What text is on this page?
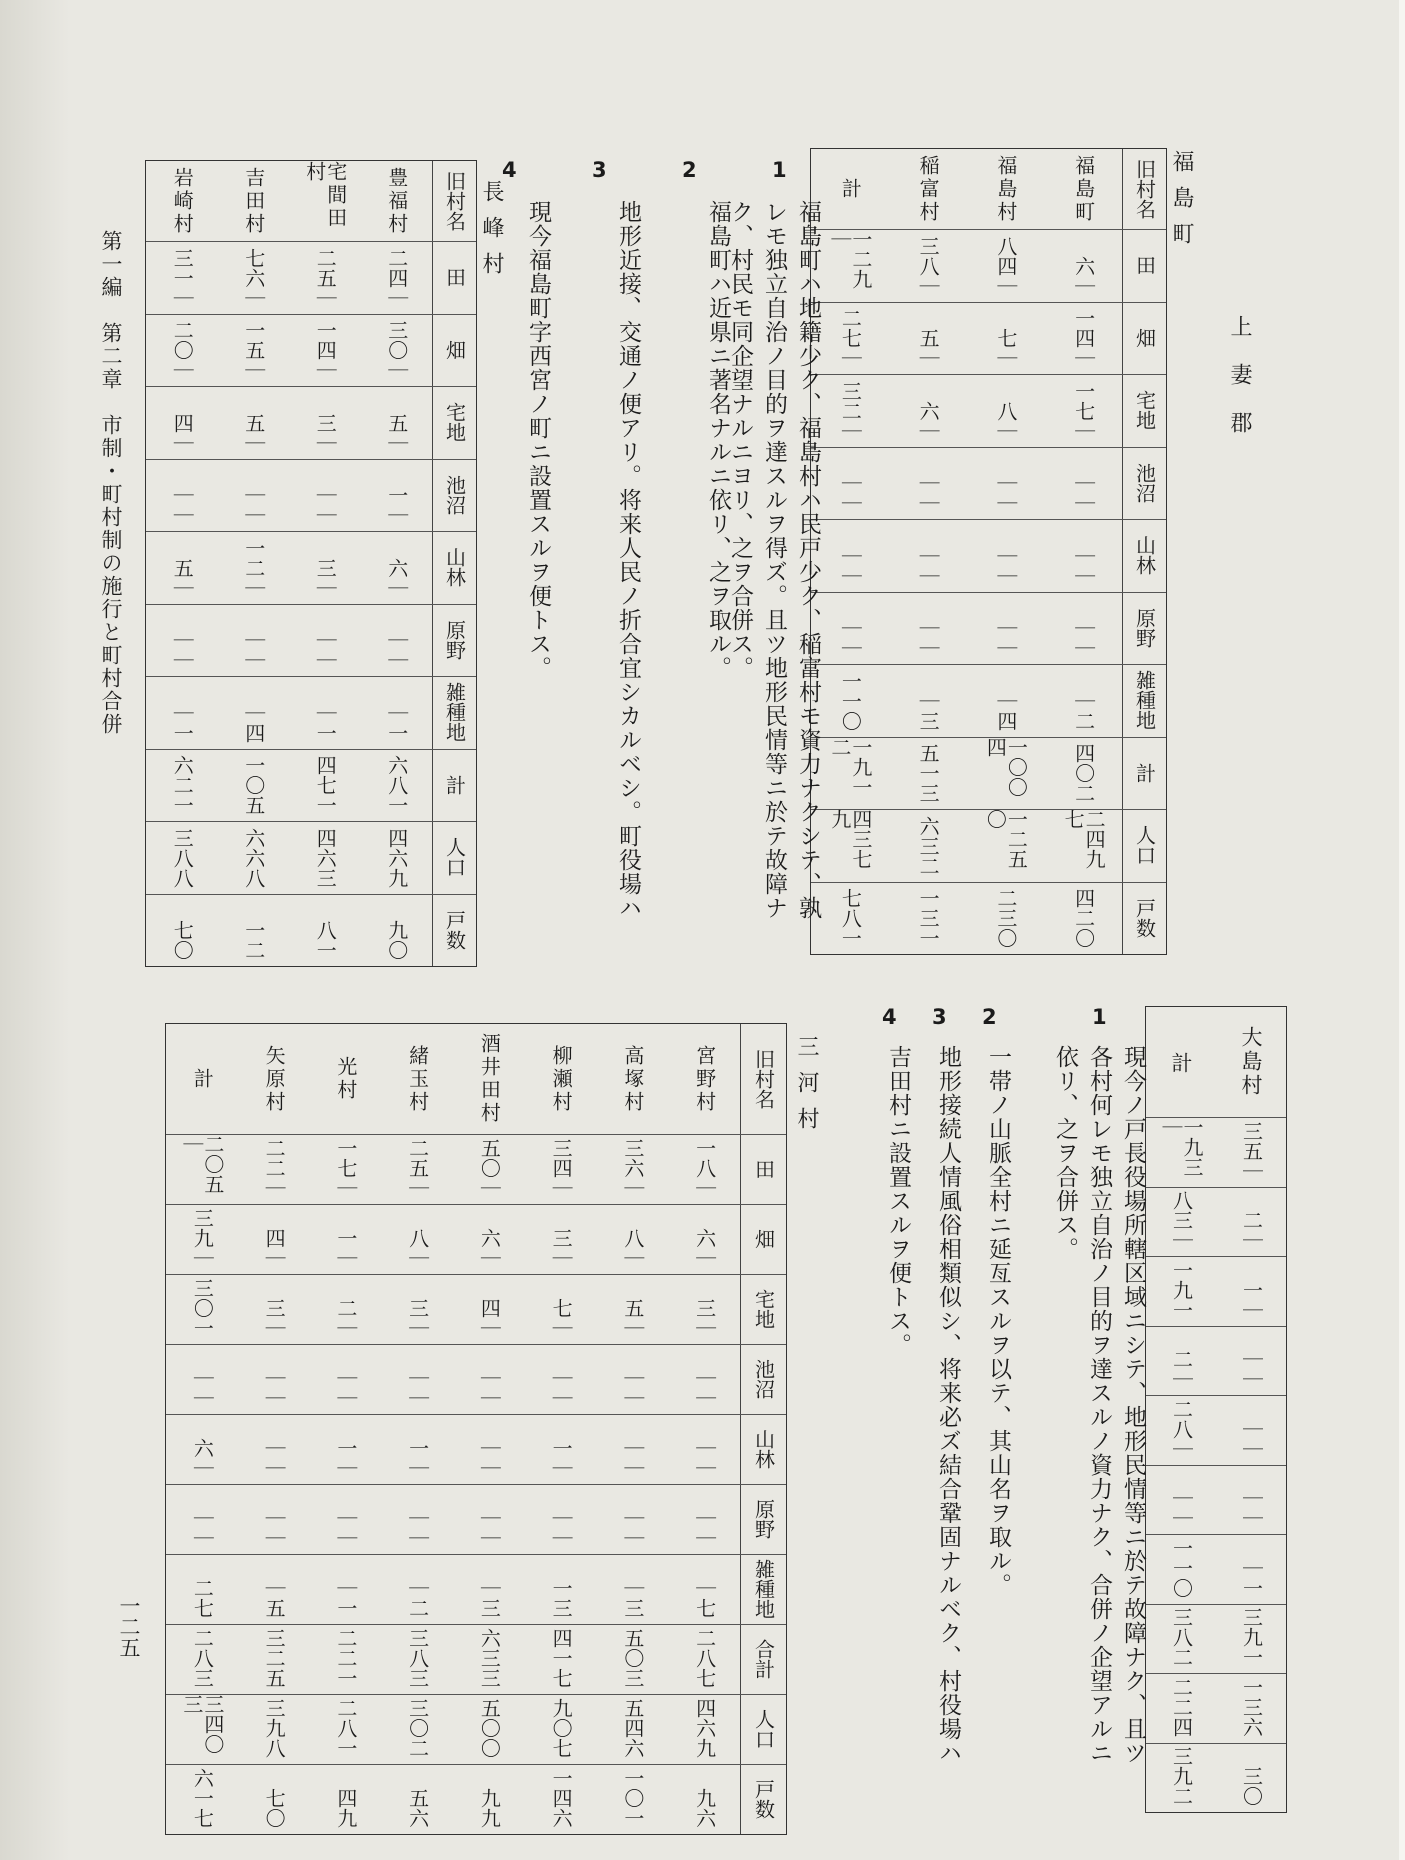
福島町
上妻郡
旧村名
田
畑
宅地
池沼
山林
原野
雑種地
計
人口
戸数
福島町
六｜
一四｜
一七｜
｜｜
｜｜
｜｜
｜二
四〇二
二四九七
四二〇
福島村
八四｜
七｜
八｜
｜｜
｜｜
｜｜
｜四
一〇〇四
一二五〇
二三〇
稲富村
三八｜
五｜
六｜
｜｜
｜｜
｜｜
｜三
五一三
六三二
一三一
計
一二九｜
二七｜
三二｜
｜｜
｜｜
｜｜
一一〇
一九一二
四三七九
七八一
1
福島町ハ地籍少ク、福島村ハ民戸少ク、稲富村モ資力ナクシテ、孰レモ独立自治ノ目的ヲ達スルヲ得ズ。且ツ地形民情等ニ於テ故障ナク、村民モ同企望ナルニヨリ、之ヲ合併ス。
2
福島町ハ近県ニ著名ナルニ依リ、之ヲ取ル。
3
地形近接、交通ノ便アリ。将来人民ノ折合宜シカルベシ。町役場ハ
4
現今福島町字西宮ノ町ニ設置スルヲ便トス。
長峰村
旧村名
田
畑
宅地
池沼
山林
原野
雑種地
計
人口
戸数
豊福村
二四｜
三〇｜
五｜
一｜
六｜
｜｜
｜一
六八一
四六九
九〇
宅間田村
二五｜
一四｜
三｜
｜｜
三｜
｜｜
｜一
四七一
四六三
八一
吉田村
七六｜
一五｜
五｜
｜｜
一二｜
｜｜
｜四
一〇五
六六八
一二
岩崎村
三一｜
二〇｜
四｜
｜｜
五｜
｜｜
｜一
六二一
三八八
七〇
第一編　第二章　市制・町村制の施行と町村合併
大島村
計
三五｜
一九三｜
二｜
八三｜
一｜
一九一
｜｜
二｜
｜｜
二八｜
｜｜
｜｜
｜一
一一〇
三九一
三八二
一三六
二二四
三〇
三九二
1
現今ノ戸長役場所轄区域ニシテ、地形民情等ニ於テ故障ナク、且ツ各村何レモ独立自治ノ目的ヲ達スルノ資力ナク、合併ノ企望アルニ依リ、之ヲ合併ス。
三河村
旧村名
田
畑
宅地
池沼
山林
原野
雑種地
合計
人口
戸数
宮野村
一八｜
六｜
三｜
｜｜
｜｜
｜｜
｜七
二八七
四六九
九六
高塚村
三六｜
八｜
五｜
｜｜
｜｜
｜｜
｜三
五〇三
五四六
一〇一
柳瀬村
三四｜
三｜
七｜
｜｜
一｜
｜｜
一三
四一七
九〇七
一四六
酒井田村
五〇｜
六｜
四｜
｜｜
｜｜
｜｜
｜三
六三三
五〇〇
九九
緒玉村
二五｜
八｜
三｜
｜｜
一｜
｜｜
｜二
三八三
三〇二
五六
光村
一七｜
一｜
二｜
｜｜
一｜
｜｜
｜一
二二一
二八一
四九
矢原村
二二｜
四｜
三｜
｜｜
｜｜
｜｜
｜五
三二五
三九八
七〇
計
二〇五｜
三九｜
三〇一
｜｜
六｜
｜｜
二七
二八三
三四〇三
六一七
2
一帯ノ山脈全村ニ延亙スルヲ以テ、其山名ヲ取ル。
3
地形接続人情風俗相類似シ、将来必ズ結合鞏固ナルベク、村役場ハ
4
吉田村ニ設置スルヲ便トス。
一二五
